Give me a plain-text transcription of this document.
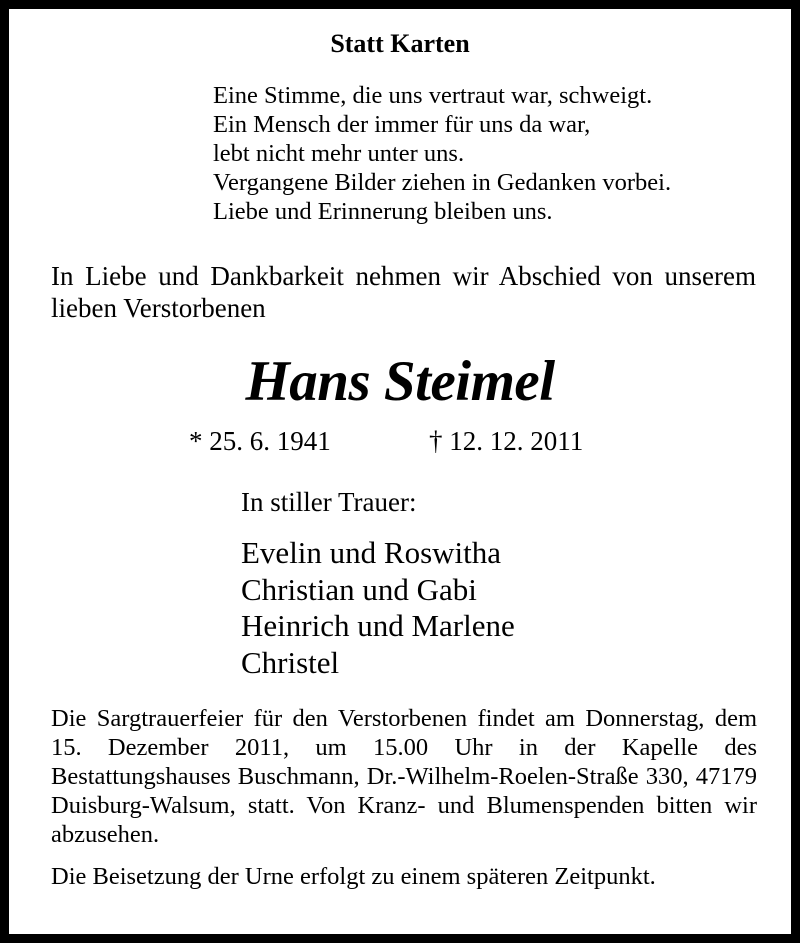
Statt Karten
Eine Stimme, die uns vertraut war, schweigt.
Ein Mensch der immer für uns da war,
lebt nicht mehr unter uns.
Vergangene Bilder ziehen in Gedanken vorbei.
Liebe und Erinnerung bleiben uns.
In Liebe und Dankbarkeit nehmen wir Abschied von unserem lieben Verstorbenen
Hans Steimel
* 25. 6. 1941	† 12. 12. 2011
In stiller Trauer:
Evelin und Roswitha
Christian und Gabi
Heinrich und Marlene
Christel
Die Sargtrauerfeier für den Verstorbenen findet am Donnerstag, dem 15. Dezember 2011, um 15.00 Uhr in der Kapelle des Bestattungshauses Buschmann, Dr.-Wilhelm-Roelen-Straße 330, 47179 Duisburg-Walsum, statt. Von Kranz- und Blumenspenden bitten wir abzusehen.
Die Beisetzung der Urne erfolgt zu einem späteren Zeitpunkt.
